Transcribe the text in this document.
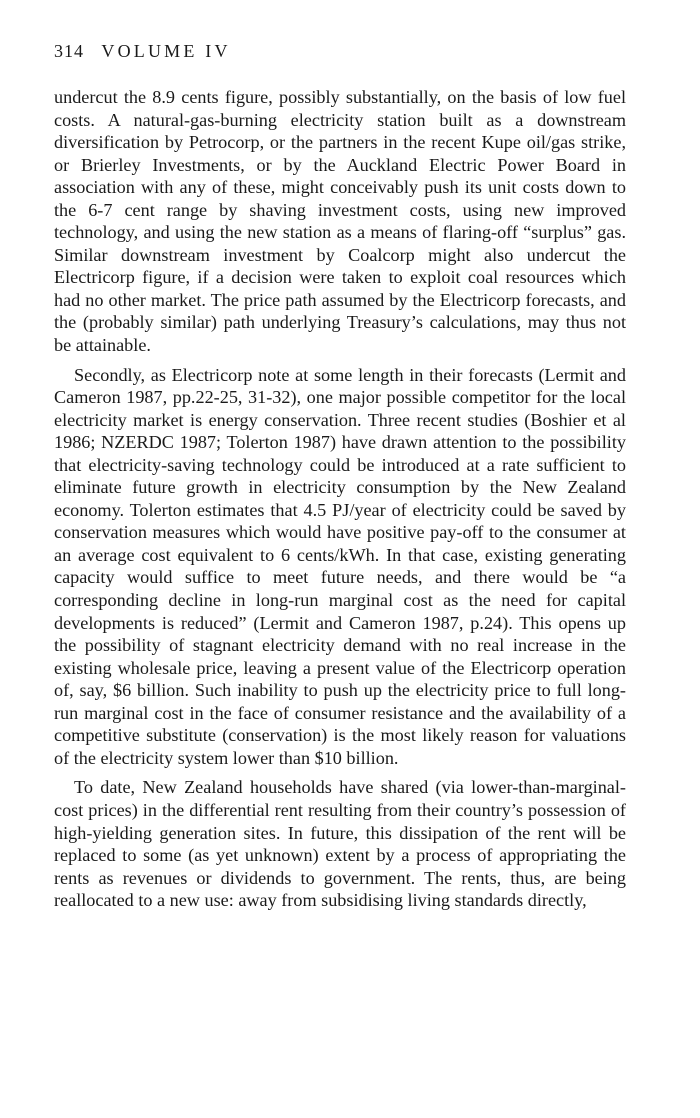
314 VOLUME IV

undercut the 8.9 cents figure, possibly substantially, on the basis of low fuel costs. A natural-gas-burning electricity station built as a downstream diversification by Petrocorp, or the partners in the recent Kupe oil/gas strike, or Brierley Investments, or by the Auckland Electric Power Board in association with any of these, might conceivably push its unit costs down to the 6-7 cent range by shaving investment costs, using new improved technology, and using the new station as a means of flaring-off “surplus” gas. Similar downstream investment by Coalcorp might also undercut the Electricorp figure, if a decision were taken to exploit coal resources which had no other market. The price path assumed by the Electricorp forecasts, and the (probably similar) path underlying Treasury’s calculations, may thus not be attainable.

Secondly, as Electricorp note at some length in their forecasts (Lermit and Cameron 1987, pp.22-25, 31-32), one major possible competitor for the local electricity market is energy conservation. Three recent studies (Boshier et al 1986; NZERDC 1987; Tolerton 1987) have drawn attention to the possibility that electricity-saving technology could be introduced at a rate sufficient to eliminate future growth in electricity consumption by the New Zealand economy. Tolerton estimates that 4.5 PJ/year of electricity could be saved by conservation measures which would have positive pay-off to the consumer at an average cost equivalent to 6 cents/kWh. In that case, existing generating capacity would suffice to meet future needs, and there would be “a corresponding decline in long-run marginal cost as the need for capital developments is reduced” (Lermit and Cameron 1987, p.24). This opens up the possibility of stagnant electricity demand with no real increase in the existing wholesale price, leaving a present value of the Electricorp operation of, say, $6 billion. Such inability to push up the electricity price to full long-run marginal cost in the face of consumer resistance and the availability of a competitive substitute (conservation) is the most likely reason for valuations of the electricity system lower than $10 billion.

To date, New Zealand households have shared (via lower-than-marginal-cost prices) in the differential rent resulting from their country’s possession of high-yielding generation sites. In future, this dissipation of the rent will be replaced to some (as yet unknown) extent by a process of appropriating the rents as revenues or dividends to government. The rents, thus, are being reallocated to a new use: away from subsidising living standards directly,
